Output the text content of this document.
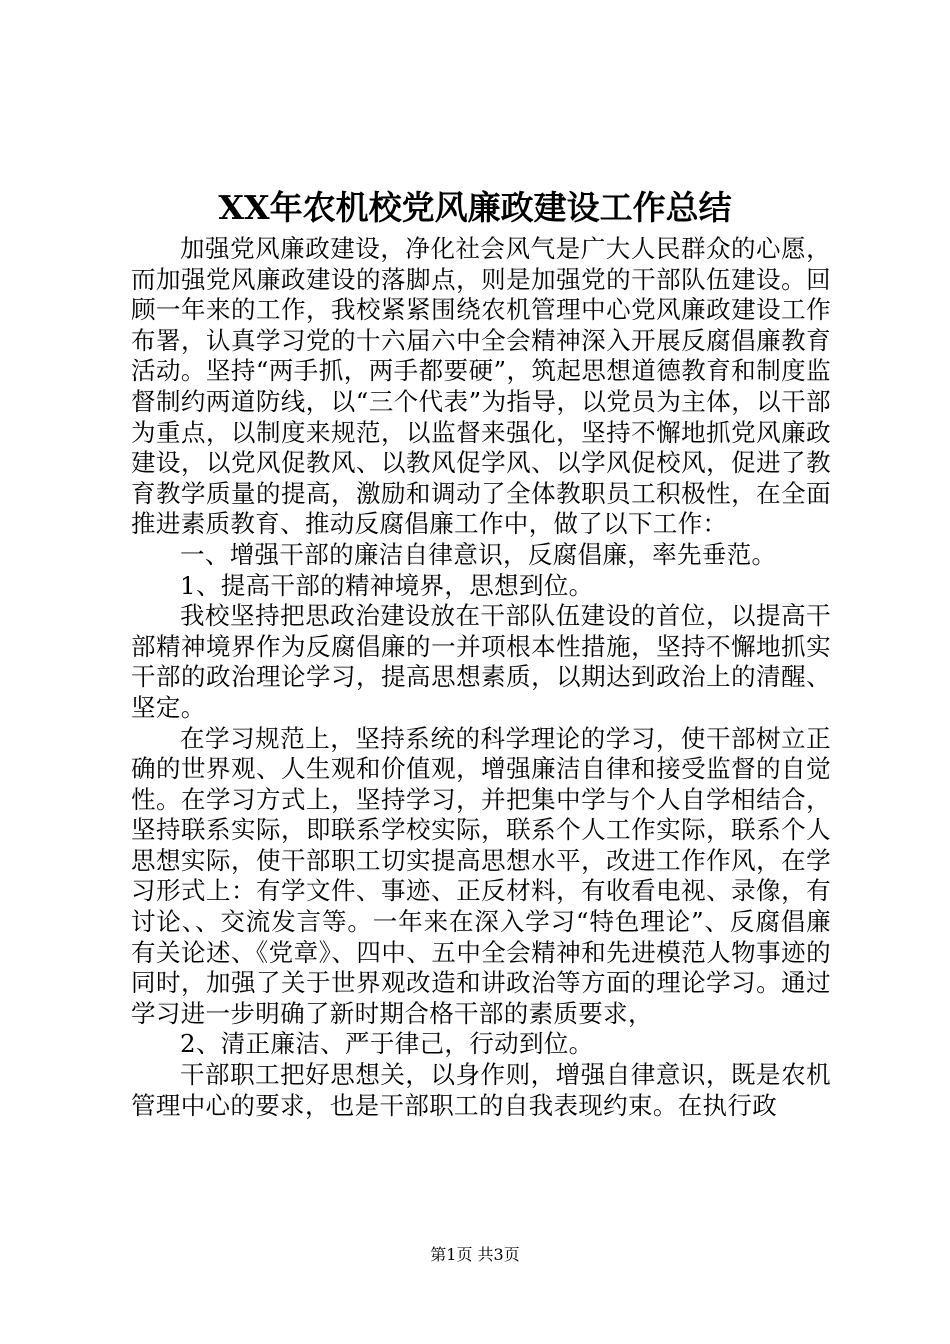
XX年农机校党风廉政建设工作总结

加强党风廉政建设，净化社会风气是广大人民群众的心愿，而加强党风廉政建设的落脚点，则是加强党的干部队伍建设。回顾一年来的工作，我校紧紧围绕农机管理中心党风廉政建设工作布署，认真学习党的十六届六中全会精神深入开展反腐倡廉教育活动。坚持“两手抓，两手都要硬”，筑起思想道德教育和制度监督制约两道防线，以“三个代表”为指导，以党员为主体，以干部为重点，以制度来规范，以监督来强化，坚持不懈地抓党风廉政建设，以党风促教风、以教风促学风、以学风促校风，促进了教育教学质量的提高，激励和调动了全体教职员工积极性，在全面推进素质教育、推动反腐倡廉工作中，做了以下工作：

一、增强干部的廉洁自律意识，反腐倡廉，率先垂范。

1、提高干部的精神境界，思想到位。

我校坚持把思政治建设放在干部队伍建设的首位，以提高干部精神境界作为反腐倡廉的一并项根本性措施，坚持不懈地抓实干部的政治理论学习，提高思想素质，以期达到政治上的清醒、坚定。

在学习规范上，坚持系统的科学理论的学习，使干部树立正确的世界观、人生观和价值观，增强廉洁自律和接受监督的自觉性。在学习方式上，坚持学习，并把集中学与个人自学相结合，坚持联系实际，即联系学校实际，联系个人工作实际，联系个人思想实际，使干部职工切实提高思想水平，改进工作作风，在学习形式上：有学文件、事迹、正反材料，有收看电视、录像，有讨论、、交流发言等。一年来在深入学习“特色理论”、反腐倡廉有关论述、《党章》、四中、五中全会精神和先进模范人物事迹的同时，加强了关于世界观改造和讲政治等方面的理论学习。通过学习进一步明确了新时期合格干部的素质要求，

2、清正廉洁、严于律己，行动到位。

干部职工把好思想关，以身作则，增强自律意识，既是农机管理中心的要求，也是干部职工的自我表现约束。在执行政

第1页 共3页
